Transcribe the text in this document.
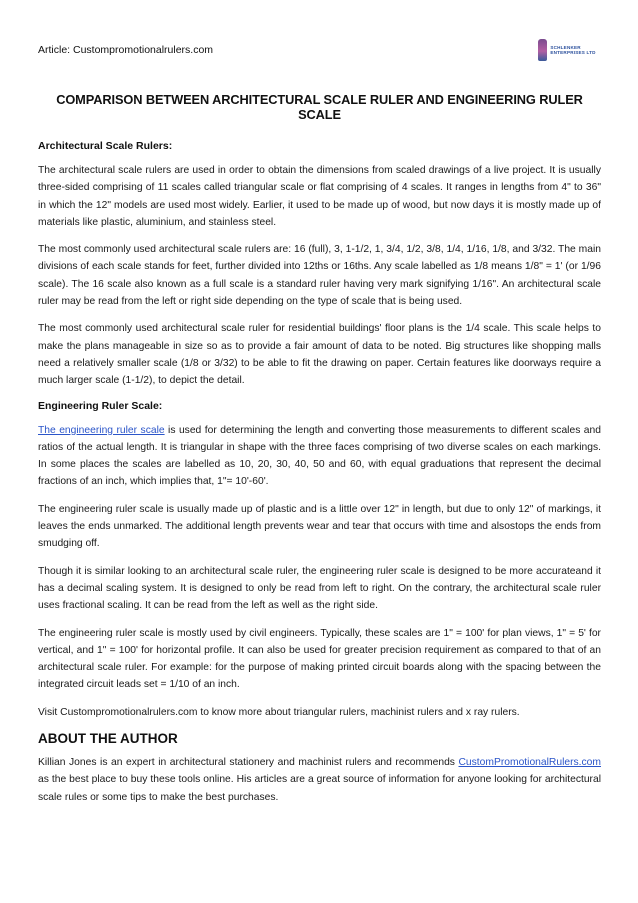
Article: Custompromotionalrulers.com	SCHLENKER ENTERPRISES LTD
COMPARISON BETWEEN ARCHITECTURAL SCALE RULER AND ENGINEERING RULER SCALE
Architectural Scale Rulers:

The architectural scale rulers are used in order to obtain the dimensions from scaled drawings of a live project. It is usually three-sided comprising of 11 scales called triangular scale or flat comprising of 4 scales. It ranges in lengths from 4" to 36" in which the 12" models are used most widely. Earlier, it used to be made up of wood, but now days it is mostly made up of materials like plastic, aluminium, and stainless steel.

The most commonly used architectural scale rulers are: 16 (full), 3, 1-1/2, 1, 3/4, 1/2, 3/8, 1/4, 1/16, 1/8, and 3/32. The main divisions of each scale stands for feet, further divided into 12ths or 16ths. Any scale labelled as 1/8 means 1/8" = 1' (or 1/96 scale). The 16 scale also known as a full scale is a standard ruler having very mark signifying 1/16". An architectural scale ruler may be read from the left or right side depending on the type of scale that is being used.

The most commonly used architectural scale ruler for residential buildings' floor plans is the 1/4 scale. This scale helps to make the plans manageable in size so as to provide a fair amount of data to be noted. Big structures like shopping malls need a relatively smaller scale (1/8 or 3/32) to be able to fit the drawing on paper. Certain features like doorways require a much larger scale (1-1/2), to depict the detail.

Engineering Ruler Scale:

The engineering ruler scale is used for determining the length and converting those measurements to different scales and ratios of the actual length. It is triangular in shape with the three faces comprising of two diverse scales on each markings. In some places the scales are labelled as 10, 20, 30, 40, 50 and 60, with equal graduations that represent the decimal fractions of an inch, which implies that, 1"= 10'-60'.

The engineering ruler scale is usually made up of plastic and is a little over 12" in length, but due to only 12" of markings, it leaves the ends unmarked. The additional length prevents wear and tear that occurs with time and alsostops the ends from smudging off.

Though it is similar looking to an architectural scale ruler, the engineering ruler scale is designed to be more accurateand it has a decimal scaling system. It is designed to only be read from left to right. On the contrary, the architectural scale ruler uses fractional scaling. It can be read from the left as well as the right side.

The engineering ruler scale is mostly used by civil engineers. Typically, these scales are 1" = 100' for plan views, 1" = 5' for vertical, and 1" = 100' for horizontal profile. It can also be used for greater precision requirement as compared to that of an architectural scale ruler. For example: for the purpose of making printed circuit boards along with the spacing between the integrated circuit leads set = 1/10 of an inch.

Visit Custompromotionalrulers.com to know more about triangular rulers, machinist rulers and x ray rulers.

ABOUT THE AUTHOR

Killian Jones is an expert in architectural stationery and machinist rulers and recommends CustomPromotionalRulers.com as the best place to buy these tools online. His articles are a great source of information for anyone looking for architectural scale rules or some tips to make the best purchases.
